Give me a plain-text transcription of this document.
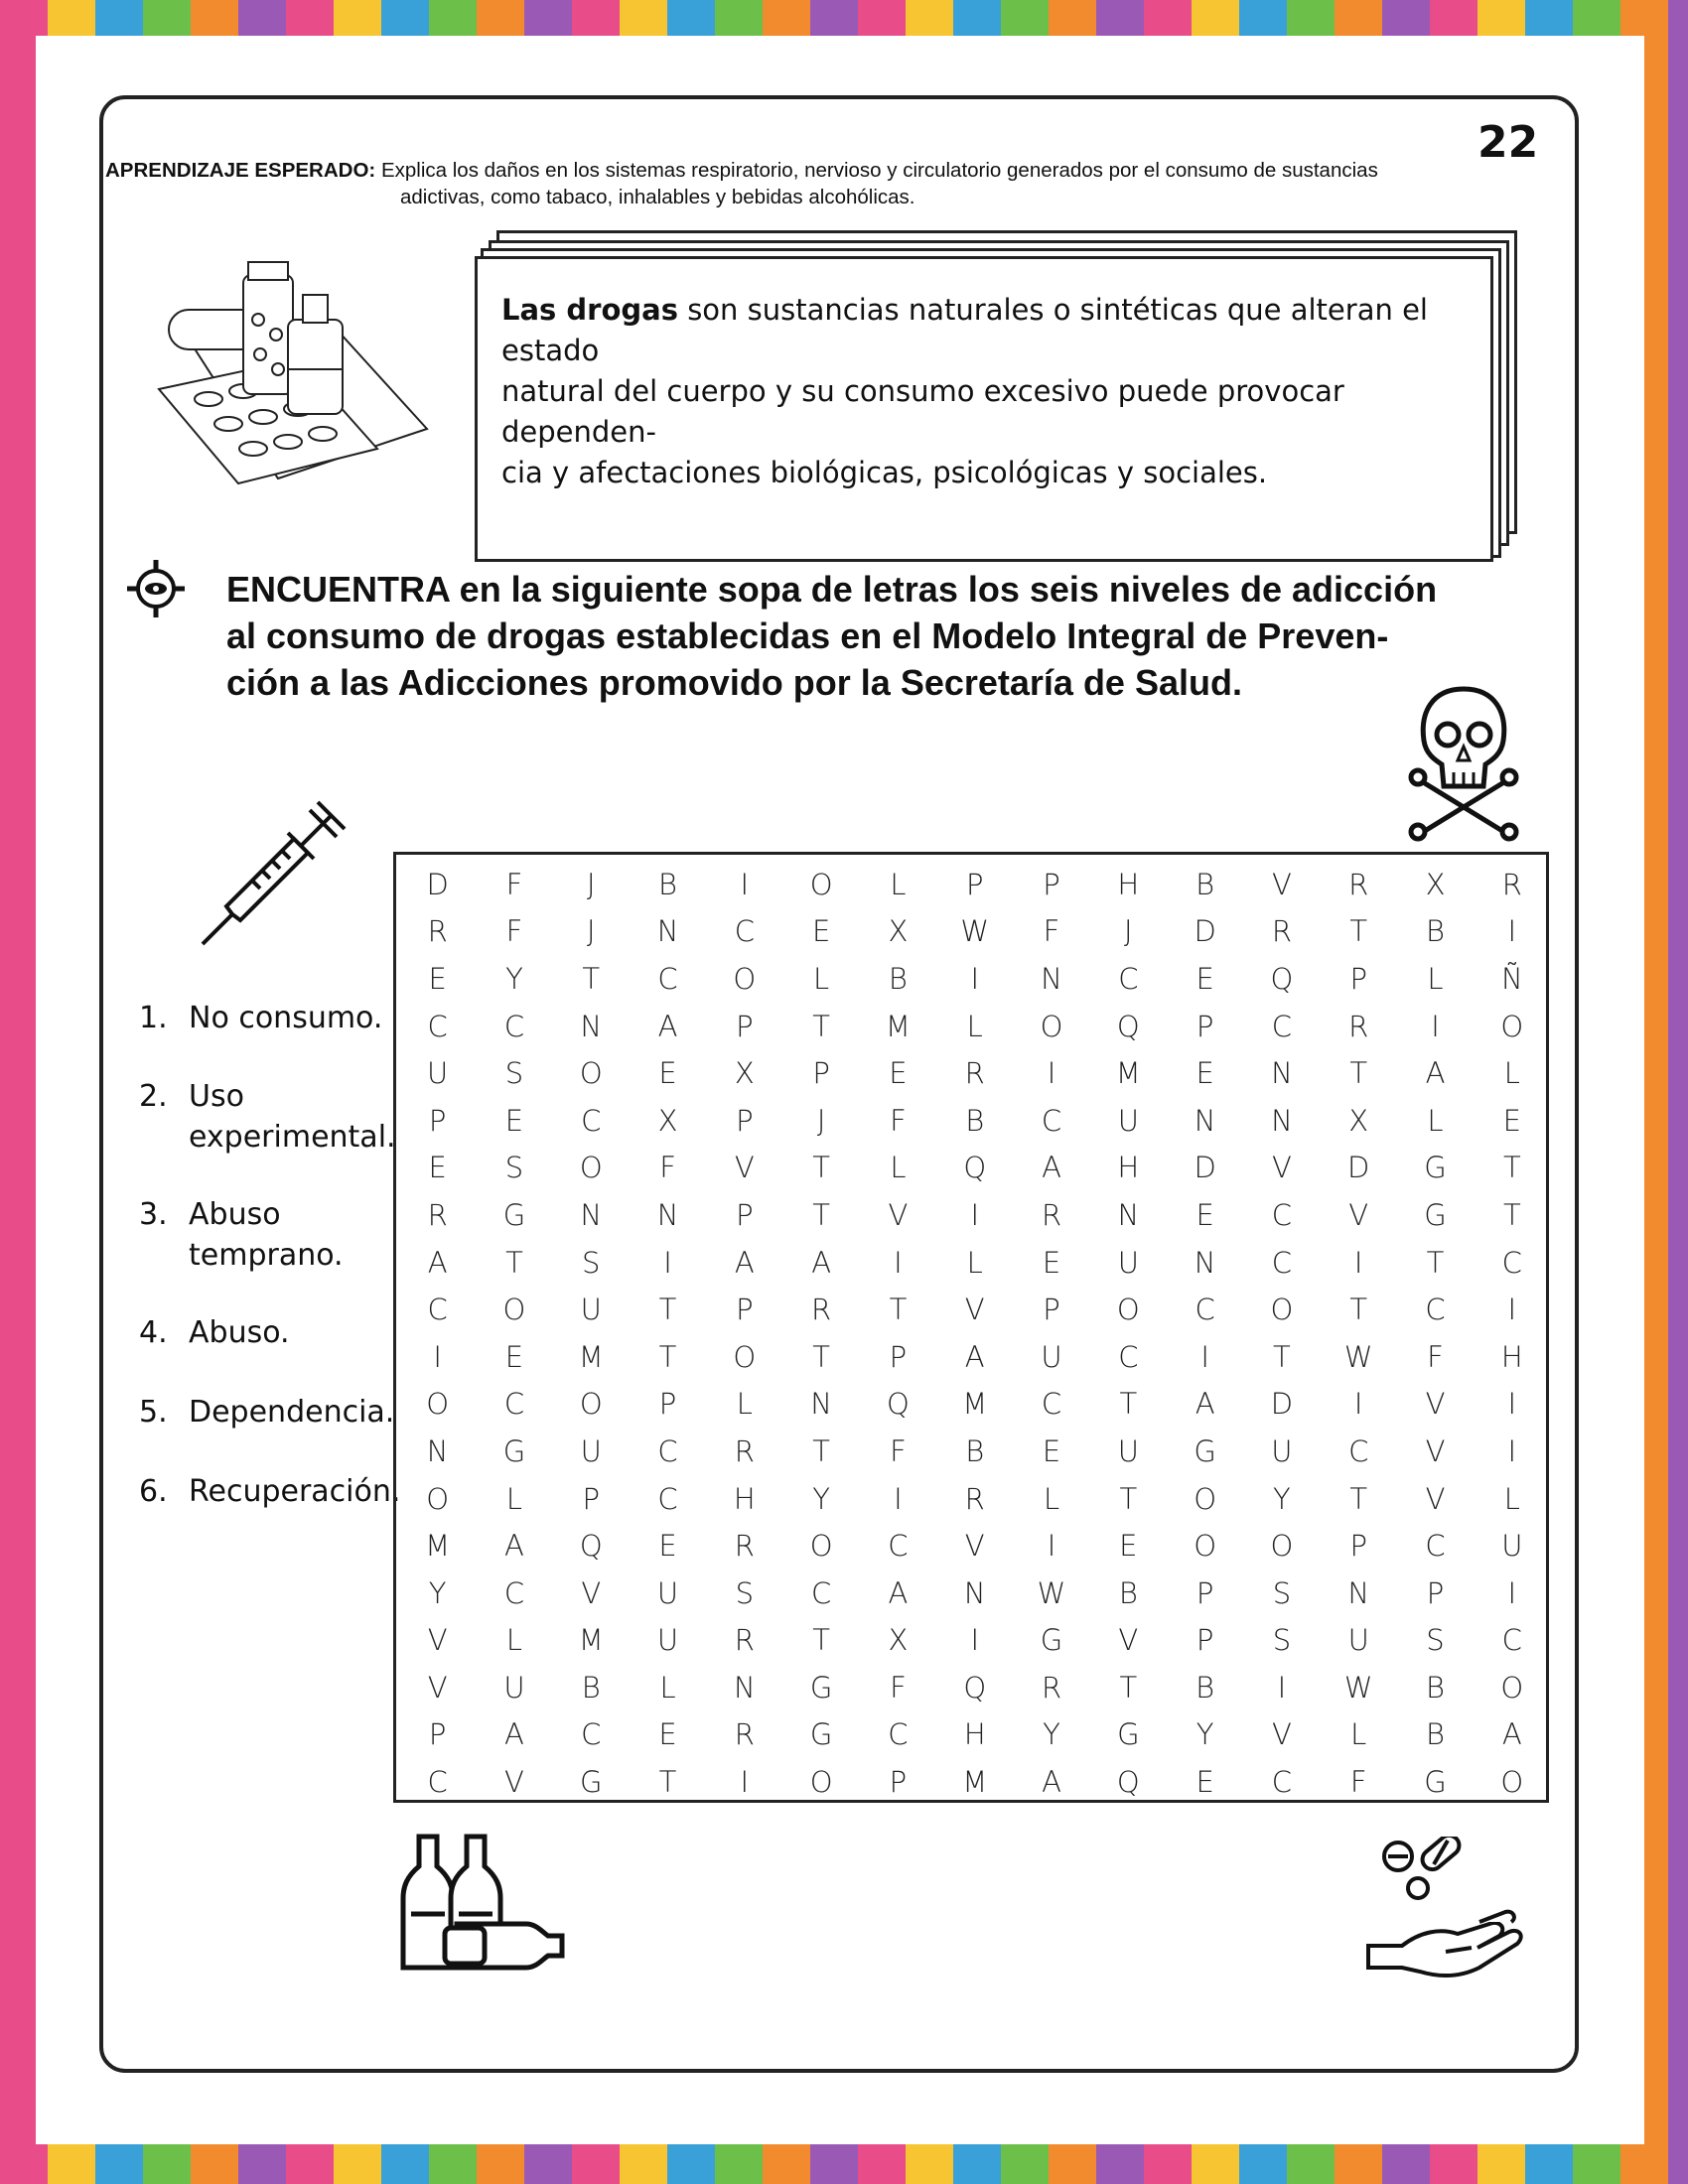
22
APRENDIZAJE ESPERADO: Explica los daños en los sistemas respiratorio, nervioso y circulatorio generados por el consumo de sustancias
adictivas, como tabaco, inhalables y bebidas alcohólicas.
Las drogas son sustancias naturales o sintéticas que alteran el estado
natural del cuerpo y su consumo excesivo puede provocar dependen-
cia y afectaciones biológicas, psicológicas y sociales.
ENCUENTRA en la siguiente sopa de letras los seis niveles de adicción
al consumo de drogas establecidas en el Modelo Integral de Preven-
ción a las Adicciones promovido por la Secretaría de Salud.
1. No consumo.
2. Uso
experimental.
3. Abuso
temprano.
4. Abuso.
5. Dependencia.
6. Recuperación.
D	F	J	B	I	O	L	P	P	H	B	V	R	X	R
R	F	J	N	C	E	X	W	F	J	D	R	T	B	I
E	Y	T	C	O	L	B	I	N	C	E	Q	P	L	Ñ
C	C	N	A	P	T	M	L	O	Q	P	C	R	I	O
U	S	O	E	X	P	E	R	I	M	E	N	T	A	L
P	E	C	X	P	J	F	B	C	U	N	N	X	L	E
E	S	O	F	V	T	L	Q	A	H	D	V	D	G	T
R	G	N	N	P	T	V	I	R	N	E	C	V	G	T
A	T	S	I	A	A	I	L	E	U	N	C	I	T	C
C	O	U	T	P	R	T	V	P	O	C	O	T	C	I
I	E	M	T	O	T	P	A	U	C	I	T	W	F	H
O	C	O	P	L	N	Q	M	C	T	A	D	I	V	I
N	G	U	C	R	T	F	B	E	U	G	U	C	V	I
O	L	P	C	H	Y	I	R	L	T	O	Y	T	V	L
M	A	Q	E	R	O	C	V	I	E	O	O	P	C	U
Y	C	V	U	S	C	A	N	W	B	P	S	N	P	I
V	L	M	U	R	T	X	I	G	V	P	S	U	S	C
V	U	B	L	N	G	F	Q	R	T	B	I	W	B	O
P	A	C	E	R	G	C	H	Y	G	Y	V	L	B	A
C	V	G	T	I	O	P	M	A	Q	E	C	F	G	O
